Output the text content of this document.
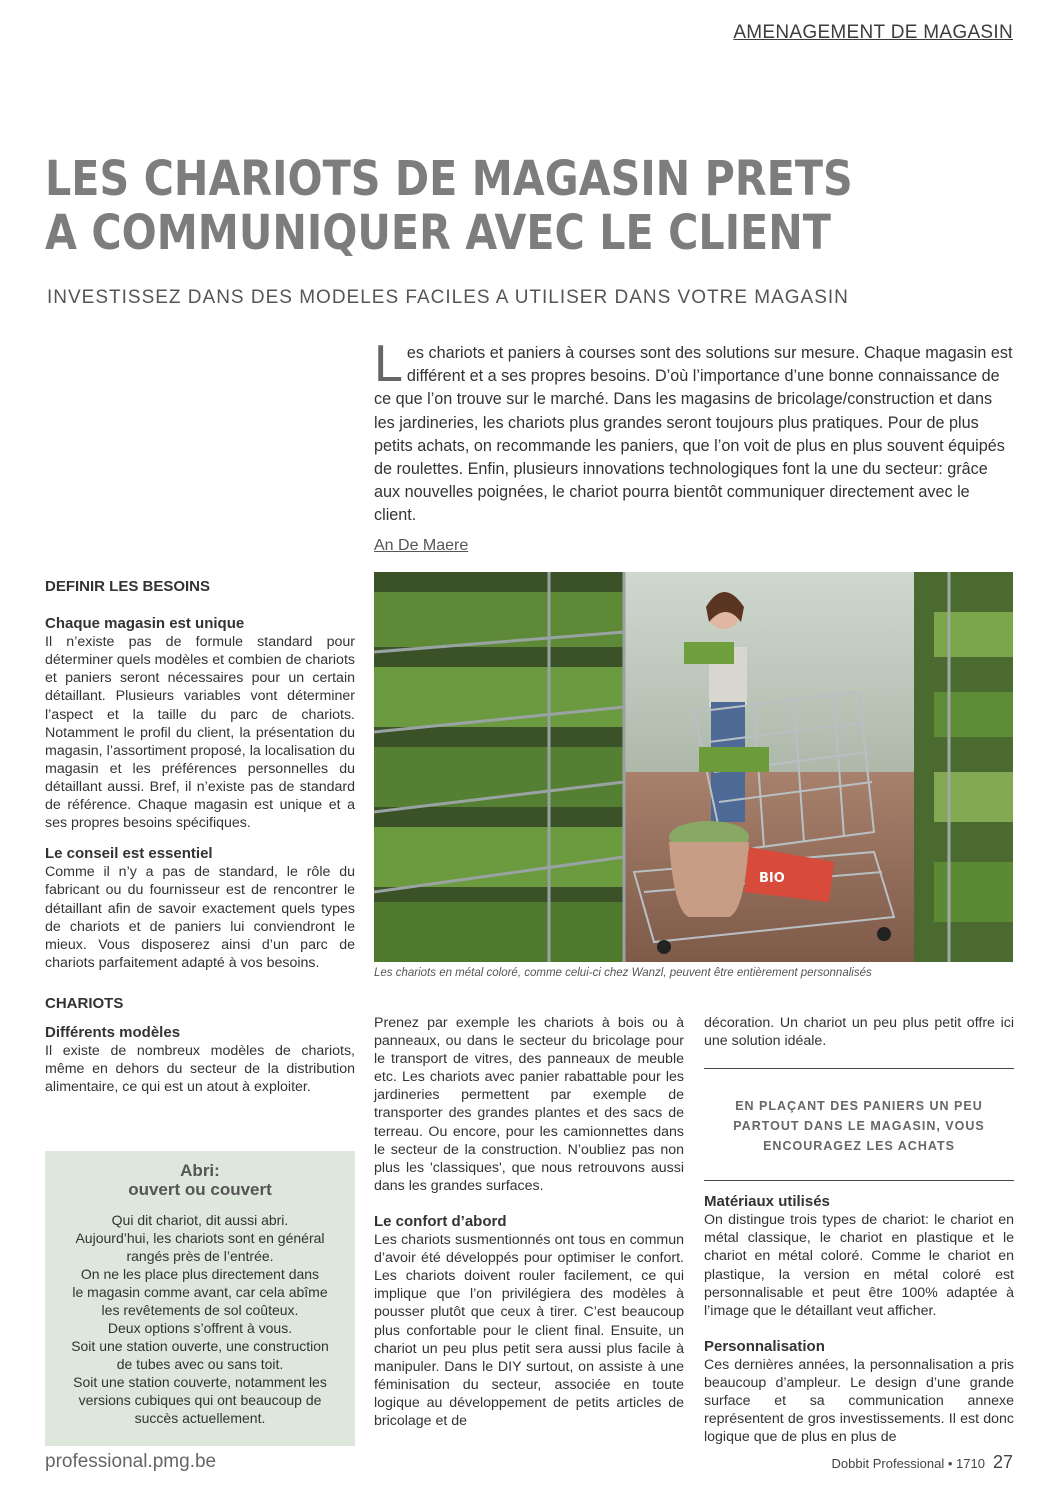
AMENAGEMENT DE MAGASIN
LES CHARIOTS DE MAGASIN PRETS
A COMMUNIQUER AVEC LE CLIENT
INVESTISSEZ DANS DES MODELES FACILES A UTILISER DANS VOTRE MAGASIN
Les chariots et paniers à courses sont des solutions sur mesure. Chaque magasin est différent et a ses propres besoins. D’où l’importance d’une bonne connaissance de ce que l’on trouve sur le marché. Dans les magasins de bricolage/construction et dans les jardineries, les chariots plus grandes seront toujours plus pratiques. Pour de plus petits achats, on recommande les paniers, que l’on voit de plus en plus souvent équipés de roulettes. Enfin, plusieurs innovations technologiques font la une du secteur: grâce aux nouvelles poignées, le chariot pourra bientôt communiquer directement avec le client.
An De Maere

DEFINIR LES BESOINS

Chaque magasin est unique

Il n’existe pas de formule standard pour déterminer quels modèles et combien de chariots et paniers seront nécessaires pour un certain détaillant. Plusieurs variables vont déterminer l’aspect et la taille du parc de chariots. Notamment le profil du client, la présentation du magasin, l’assortiment proposé, la localisation du magasin et les préférences personnelles du détaillant aussi. Bref, il n’existe pas de standard de référence. Chaque magasin est unique et a ses propres besoins spécifiques.

Le conseil est essentiel

Comme il n’y a pas de standard, le rôle du fabricant ou du fournisseur est de rencontrer le détaillant afin de savoir exactement quels types de chariots et de paniers lui conviendront le mieux. Vous disposerez ainsi d’un parc de chariots parfaitement adapté à vos besoins.

CHARIOTS

Différents modèles

Il existe de nombreux modèles de chariots, même en dehors du secteur de la distribution alimentaire, ce qui est un atout à exploiter.

Abri:
ouvert ou couvert
Qui dit chariot, dit aussi abri.
Aujourd’hui, les chariots sont en général
rangés près de l’entrée.
On ne les place plus directement dans
le magasin comme avant, car cela abîme
les revêtements de sol coûteux.
Deux options s’offrent à vous.
Soit une station ouverte, une construction
de tubes avec ou sans toit.
Soit une station couverte, notamment les
versions cubiques qui ont beaucoup de
succès actuellement.
BIO
Les chariots en métal coloré, comme celui-ci chez Wanzl, peuvent être entièrement personnalisés

Prenez par exemple les chariots à bois ou à panneaux, ou dans le secteur du bricolage pour le transport de vitres, des panneaux de meuble etc. Les chariots avec panier rabattable pour les jardineries permettent par exemple de transporter des grandes plantes et des sacs de terreau. Ou encore, pour les camionnettes dans le secteur de la construction. N’oubliez pas non plus les 'classiques', que nous retrouvons aussi dans les grandes surfaces.

Le confort d’abord

Les chariots susmentionnés ont tous en commun d’avoir été développés pour optimiser le confort. Les chariots doivent rouler facilement, ce qui implique que l’on privilégiera des modèles à pousser plutôt que ceux à tirer. C’est beaucoup plus confortable pour le client final. Ensuite, un chariot un peu plus petit sera aussi plus facile à manipuler. Dans le DIY surtout, on assiste à une féminisation du secteur, associée en toute logique au développement de petits articles de bricolage et de

décoration. Un chariot un peu plus petit offre ici une solution idéale.

Matériaux utilisés

On distingue trois types de chariot: le chariot en métal classique, le chariot en plastique et le chariot en métal coloré. Comme le chariot en plastique, la version en métal coloré est personnalisable et peut être 100% adaptée à l’image que le détaillant veut afficher.

Personnalisation

Ces dernières années, la personnalisation a pris beaucoup d’ampleur. Le design d’une grande surface et sa communication annexe représentent de gros investissements. Il est donc logique que de plus en plus de

EN PLAÇANT DES PANIERS UN PEU PARTOUT DANS LE MAGASIN, VOUS ENCOURAGEZ LES ACHATS
professional.pmg.be	Dobbit Professional • 1710 27
